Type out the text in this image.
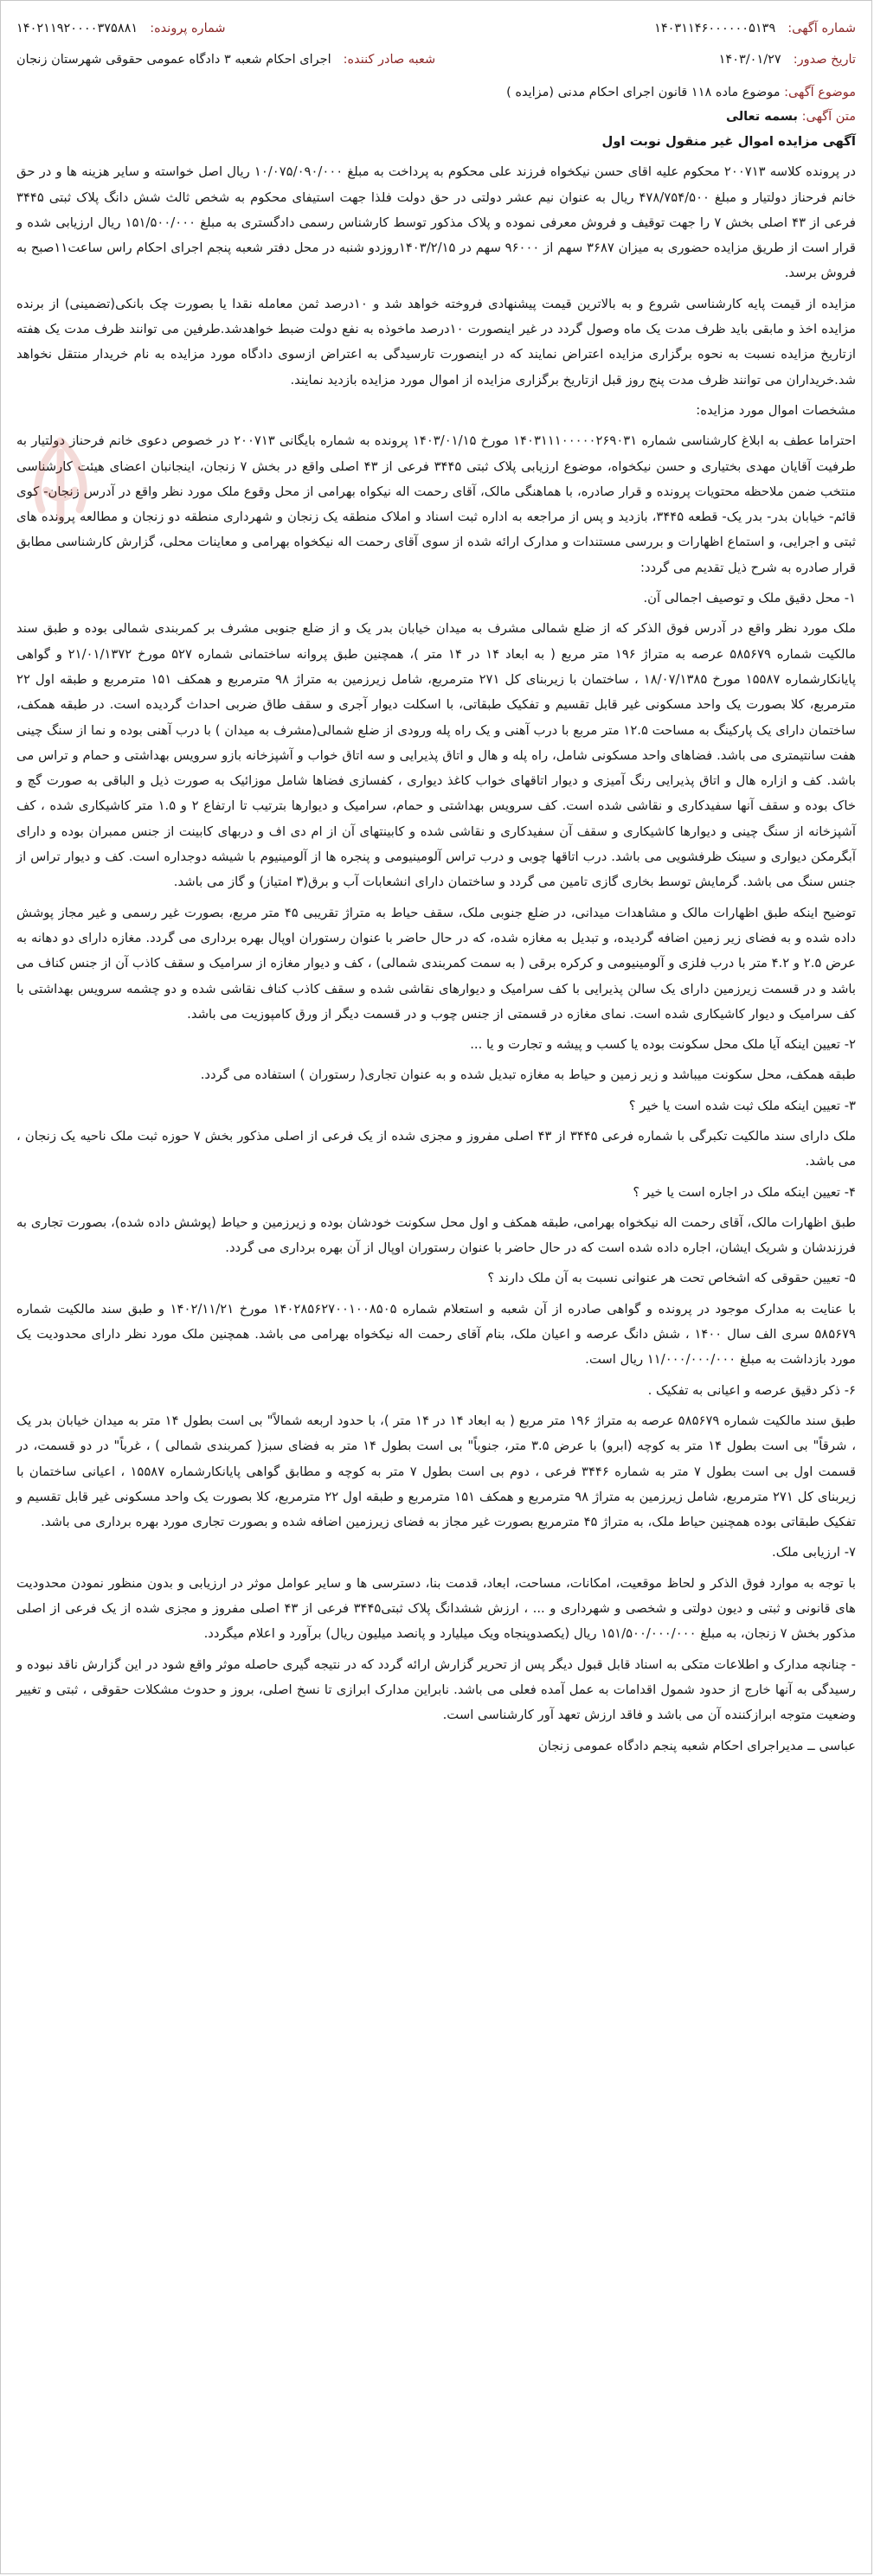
شماره آگهی:
۱۴۰۳۱۱۴۶۰۰۰۰۰۰۵۱۳۹
شماره پرونده:
۱۴۰۲۱۱۹۲۰۰۰۰۳۷۵۸۸۱
تاریخ صدور:
۱۴۰۳/۰۱/۲۷
شعبه صادر کننده:
اجرای احکام شعبه ۳ دادگاه عمومی حقوقی شهرستان زنجان
موضوع آگهی: موضوع ماده ۱۱۸ قانون اجرای احکام مدنی (مزایده )
متن آگهی: بسمه تعالی

آگهی مزایده اموال غیر منقول نوبت اول

در پرونده کلاسه ۲۰۰۷۱۳ محکوم علیه اقای حسن نیکخواه فرزند علی محکوم به پرداخت به مبلغ ۱۰/۰۷۵/۰۹۰/۰۰۰ ریال اصل خواسته و سایر هزینه ها و در حق خانم فرحناز دولتیار و مبلغ ۴۷۸/۷۵۴/۵۰۰ ریال به عنوان نیم عشر دولتی در حق دولت فلذا جهت استیفای محکوم به شخص ثالث شش دانگ پلاک ثبتی ۳۴۴۵ فرعی از ۴۳ اصلی بخش ۷ را جهت توقیف و فروش معرفی نموده و پلاک مذکور توسط کارشناس رسمی دادگستری به مبلغ ۱۵۱/۵۰۰/۰۰۰ ریال ارزیابی شده و قرار است از طریق مزایده حضوری به میزان ۳۶۸۷ سهم از ۹۶۰۰۰ سهم در ۱۴۰۳/۲/۱۵روزدو شنبه در محل دفتر شعبه پنجم اجرای احکام راس ساعت۱۱صبح به فروش برسد.

مزایده از قیمت پایه کارشناسی شروع و به بالاترین قیمت پیشنهادی فروخته خواهد شد و ۱۰درصد ثمن معامله نقدا یا بصورت چک بانکی(تضمینی) از برنده مزایده اخذ و مابقی باید ظرف مدت یک ماه وصول گردد در غیر اینصورت ۱۰درصد ماخوذه به نفع دولت ضبط خواهدشد.طرفین می توانند ظرف مدت یک هفته ازتاریخ مزایده نسبت به نحوه برگزاری مزایده اعتراض نمایند که در اینصورت تارسیدگی به اعتراض ازسوی دادگاه مورد مزایده به نام خریدار منتقل نخواهد شد.خریداران می توانند ظرف مدت پنج روز قبل ازتاریخ برگزاری مزایده از اموال مورد مزایده بازدید نمایند.

مشخصات اموال مورد مزایده:

احتراما عطف به ابلاغ کارشناسی شماره ۱۴۰۳۱۱۱۰۰۰۰۰۲۶۹۰۳۱ مورخ ۱۴۰۳/۰۱/۱۵ پرونده به شماره بایگانی ۲۰۰۷۱۳ در خصوص دعوی خانم فرحناز دولتیار به طرفیت آقایان مهدی بختیاری و حسن نیکخواه، موضوع ارزیابی پلاک ثبتی ۳۴۴۵ فرعی از ۴۳ اصلی واقع در بخش ۷ زنجان، اینجانبان اعضای هیئت کارشناسی منتخب ضمن ملاحظه محتویات پرونده و قرار صادره، با هماهنگی مالک، آقای رحمت اله نیکواه بهرامی از محل وقوع ملک مورد نظر واقع در آدرس زنجان- کوی قائم- خیابان بدر- بدر یک- قطعه ۳۴۴۵، بازدید و پس از مراجعه به اداره ثبت اسناد و املاک منطقه یک زنجان و شهرداری منطقه دو زنجان و مطالعه پرونده های ثبتی و اجرایی، و استماع اظهارات و بررسی مستندات و مدارک ارائه شده از سوی آقای رحمت اله نیکخواه بهرامی و معاینات محلی، گزارش کارشناسی مطابق قرار صادره به شرح ذیل تقدیم می گردد:

۱- محل دقیق ملک و توصیف اجمالی آن.

ملک مورد نظر واقع در آدرس فوق الذکر که از ضلع شمالی مشرف به میدان خیابان بدر یک و از ضلع جنوبی مشرف بر کمربندی شمالی بوده و طبق سند مالکیت شماره ۵۸۵۶۷۹ عرصه به متراژ ۱۹۶ متر مربع ( به ابعاد ۱۴ در ۱۴ متر )، همچنین طبق پروانه ساختمانی شماره ۵۲۷ مورخ ۲۱/۰۱/۱۳۷۲ و گواهی پایانکارشماره ۱۵۵۸۷ مورخ ۱۸/۰۷/۱۳۸۵ ، ساختمان با زیربنای کل ۲۷۱ مترمربع، شامل زیرزمین به متراژ ۹۸ مترمربع و همکف ۱۵۱ مترمربع و طبقه اول ۲۲ مترمربع، کلا بصورت یک واحد مسکونی غیر قابل تقسیم و تفکیک طبقاتی، با اسکلت دیوار آجری و سقف طاق ضربی احداث گردیده است. در طبقه همکف، ساختمان دارای یک پارکینگ به مساحت ۱۲.۵ متر مربع با درب آهنی و یک راه پله ورودی از ضلع شمالی(مشرف به میدان ) با درب آهنی بوده و نما از سنگ چینی هفت سانتیمتری می باشد. فضاهای واحد مسکونی شامل، راه پله و هال و اتاق پذیرایی و سه اتاق خواب و آشپزخانه بازو سرویس بهداشتی و حمام و تراس می باشد. کف و ازاره هال و اتاق پذیرایی رنگ آمیزی و دیوار اتاقهای خواب کاغذ دیواری ، کفسازی فضاها شامل موزائیک به صورت ذیل و الباقی به صورت گچ و خاک بوده و سقف آنها سفیدکاری و نقاشی شده است. کف سرویس بهداشتی و حمام، سرامیک و دیوارها بترتیب تا ارتفاع ۲ و ۱.۵ متر کاشیکاری شده ، کف آشپزخانه از سنگ چینی و دیوارها کاشیکاری و سقف آن سفیدکاری و نقاشی شده و کابینتهای آن از ام دی اف و دربهای کابینت از جنس ممبران بوده و دارای آبگرمکن دیواری و سینک ظرفشویی می باشد. درب اتاقها چوبی و درب تراس آلومینیومی و پنجره ها از آلومینیوم با شیشه دوجداره است. کف و دیوار تراس از جنس سنگ می باشد. گرمایش توسط بخاری گازی تامین می گردد و ساختمان دارای انشعابات آب و برق(۳ امتیاز) و گاز می باشد.

توضیح اینکه طبق اظهارات مالک و مشاهدات میدانی، در ضلع جنوبی ملک، سقف حیاط به متراژ تقریبی ۴۵ متر مربع، بصورت غیر رسمی و غیر مجاز پوشش داده شده و به فضای زیر زمین اضافه گردیده، و تبدیل به مغازه شده، که در حال حاضر با عنوان رستوران اوپال بهره برداری می گردد. مغازه دارای دو دهانه به عرض ۲.۵ و ۴.۲ متر با درب فلزی و آلومینیومی و کرکره برقی ( به سمت کمربندی شمالی) ، کف و دیوار مغازه از سرامیک و سقف کاذب آن از جنس کناف می باشد و در قسمت زیرزمین دارای یک سالن پذیرایی با کف سرامیک و دیوارهای نقاشی شده و سقف کاذب کناف نقاشی شده و دو چشمه سرویس بهداشتی با کف سرامیک و دیوار کاشیکاری شده است. نمای مغازه در قسمتی از جنس چوب و در قسمت دیگر از ورق کامپوزیت می باشد.

۲- تعیین اینکه آیا ملک محل سکونت بوده یا کسب و پیشه و تجارت و یا ...

طبقه همکف، محل سکونت میباشد و زیر زمین و حیاط به مغازه تبدیل شده و به عنوان تجاری( رستوران ) استفاده می گردد.

۳- تعیین اینکه ملک ثبت شده است یا خیر ؟

ملک دارای سند مالکیت تکبرگی با شماره فرعی ۳۴۴۵ از ۴۳ اصلی مفروز و مجزی شده از یک فرعی از اصلی مذکور بخش ۷ حوزه ثبت ملک ناحیه یک زنجان ، می باشد.

۴- تعیین اینکه ملک در اجاره است یا خیر ؟

طبق اظهارات مالک، آقای رحمت اله نیکخواه بهرامی، طبقه همکف و اول محل سکونت خودشان بوده و زیرزمین و حیاط (پوشش داده شده)، بصورت تجاری به فرزندشان و شریک ایشان، اجاره داده شده است که در حال حاضر با عنوان رستوران اوپال از آن بهره برداری می گردد.

۵- تعیین حقوقی که اشخاص تحت هر عنوانی نسبت به آن ملک دارند ؟

با عنایت به مدارک موجود در پرونده و گواهی صادره از آن شعبه و استعلام شماره ۱۴۰۲۸۵۶۲۷۰۰۱۰۰۸۵۰۵ مورخ ۱۴۰۲/۱۱/۲۱ و طبق سند مالکیت شماره ۵۸۵۶۷۹ سری الف سال ۱۴۰۰ ، شش دانگ عرصه و اعیان ملک، بنام آقای رحمت اله نیکخواه بهرامی می باشد. همچنین ملک مورد نظر دارای محدودیت یک مورد بازداشت به مبلغ ۱۱/۰۰۰/۰۰۰/۰۰۰ ریال است.

۶- ذکر دقیق عرصه و اعیانی به تفکیک .

طبق سند مالکیت شماره ۵۸۵۶۷۹ عرصه به متراژ ۱۹۶ متر مربع ( به ابعاد ۱۴ در ۱۴ متر )، با حدود اربعه شمالاً" بی است بطول ۱۴ متر به میدان خیابان بدر یک ، شرقاً" بی است بطول ۱۴ متر به کوچه (ابرو) با عرض ۳.۵ متر، جنوباً" بی است بطول ۱۴ متر به فضای سبز( کمربندی شمالی ) ، غرباً" در دو قسمت، در قسمت اول بی است بطول ۷ متر به شماره ۳۴۴۶ فرعی ، دوم بی است بطول ۷ متر به کوچه و مطابق گواهی پایانکارشماره ۱۵۵۸۷ ، اعیانی ساختمان با زیربنای کل ۲۷۱ مترمربع، شامل زیرزمین به متراژ ۹۸ مترمربع و همکف ۱۵۱ مترمربع و طبقه اول ۲۲ مترمربع، کلا بصورت یک واحد مسکونی غیر قابل تقسیم و تفکیک طبقاتی بوده همچنین حیاط ملک، به متراژ ۴۵ مترمربع بصورت غیر مجاز به فضای زیرزمین اضافه شده و بصورت تجاری مورد بهره برداری می باشد.

۷- ارزیابی ملک.

با توجه به موارد فوق الذکر و لحاظ موقعیت، امکانات، مساحت، ابعاد، قدمت بنا، دسترسی ها و سایر عوامل موثر در ارزیابی و بدون منظور نمودن محدودیت های قانونی و ثبتی و دیون دولتی و شخصی و شهرداری و ... ، ارزش ششدانگ پلاک ثبتی۳۴۴۵ فرعی از ۴۳ اصلی مفروز و مجزی شده از یک فرعی از اصلی مذکور بخش ۷ زنجان، به مبلغ ۱۵۱/۵۰۰/۰۰۰/۰۰۰ ریال (یکصدوپنجاه ویک میلیارد و پانصد میلیون ریال) برآورد و اعلام میگردد.

- چنانچه مدارک و اطلاعات متکی به اسناد قابل قبول دیگر پس از تحریر گزارش ارائه گردد که در نتیجه گیری حاصله موثر واقع شود در این گزارش ناقد نبوده و رسیدگی به آنها خارج از حدود شمول اقدامات به عمل آمده فعلی می باشد. نابراین مدارک ابرازی تا نسخ اصلی، بروز و حدوث مشکلات حقوقی ، ثبتی و تغییر وضعیت متوجه ابرازکننده آن می باشد و فاقد ارزش تعهد آور کارشناسی است.

عباسی ــ مدیراجرای احکام شعبه پنجم دادگاه عمومی زنجان
